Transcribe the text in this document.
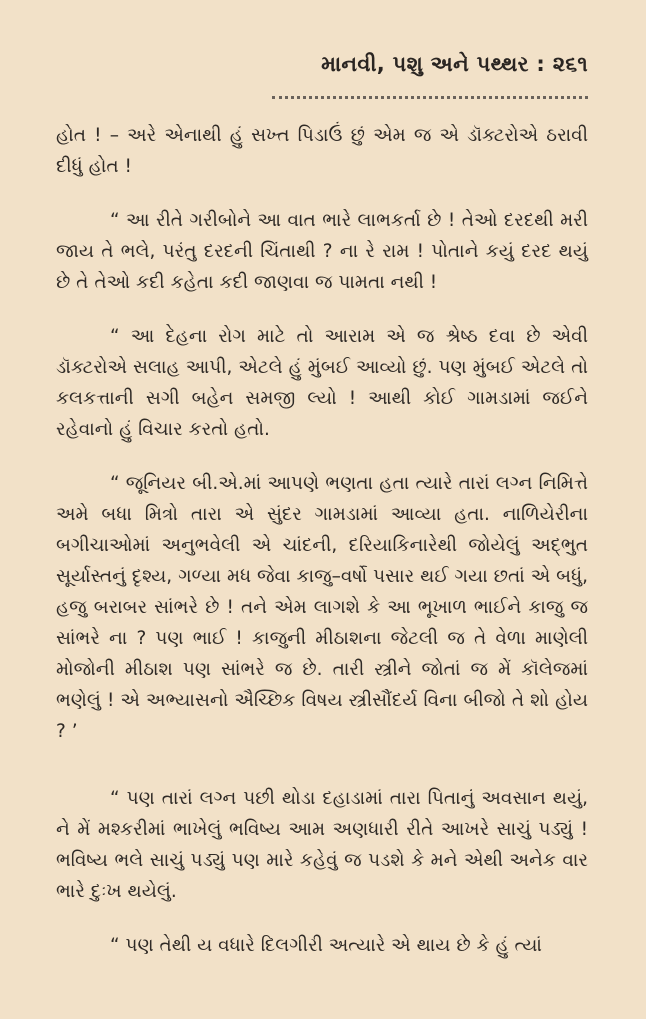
માનવી, પશુ અને પથ્થર : ૨૬૧

હોત ! – અરે એનાથી હું સખ્ત પિડાઉં છું એમ જ એ ડૉક્ટરોએ ઠરાવી દીધું હોત !

“ આ રીતે ગરીબોને આ વાત ભારે લાભકર્તા છે ! તેઓ દરદથી મરી જાય તે ભલે, પરંતુ દરદની ચિંતાથી ? ના રે રામ ! પોતાને કયું દરદ થયું છે તે તેઓ કદી કહેતા કદી જાણવા જ પામતા નથી !

“ આ દેહના રોગ માટે તો આરામ એ જ શ્રેષ્ઠ દવા છે એવી ડૉક્ટરોએ સલાહ આપી, એટલે હું મુંબઈ આવ્યો છું. પણ મુંબઈ એટલે તો કલકત્તાની સગી બહેન સમજી લ્યો ! આથી કોઈ ગામડામાં જઈને રહેવાનો હું વિચાર કરતો હતો.

“ જૂનિયર બી.એ.માં આપણે ભણતા હતા ત્યારે તારાં લગ્ન નિમિત્તે અમે બધા મિત્રો તારા એ સુંદર ગામડામાં આવ્યા હતા. નાળિયેરીના બગીચાઓમાં અનુભવેલી એ ચાંદની, દરિયાકિનારેથી જોયેલું અદ્ભુત સૂર્યાસ્તનું દૃશ્ય, ગળ્યા મધ જેવા કાજુ–વર્ષો પસાર થઈ ગયા છતાં એ બધું, હજુ બરાબર સાંભરે છે ! તને એમ લાગશે કે આ ભૂખાળ ભાઈને કાજુ જ સાંભરે ના ? પણ ભાઈ ! કાજુની મીઠાશના જેટલી જ તે વેળા માણેલી મોજોની મીઠાશ પણ સાંભરે જ છે. તારી સ્ત્રીને જોતાં જ મેં કૉલેજમાં ભણેલું ! એ અભ્યાસનો ઐચ્છિક વિષય સ્ત્રીસૌંદર્ય વિના બીજો તે શો હોય ? ’

“ પણ તારાં લગ્ન પછી થોડા દહાડામાં તારા પિતાનું અવસાન થયું, ને મેં મશ્કરીમાં ભાખેલું ભવિષ્ય આમ અણધારી રીતે આખરે સાચું પડ્યું ! ભવિષ્ય ભલે સાચું પડ્યું પણ મારે કહેવું જ પડશે કે મને એથી અનેક વાર ભારે દુઃખ થયેલું.

“ પણ તેથી ય વધારે દિલગીરી અત્યારે એ થાય છે કે હું ત્યાં
